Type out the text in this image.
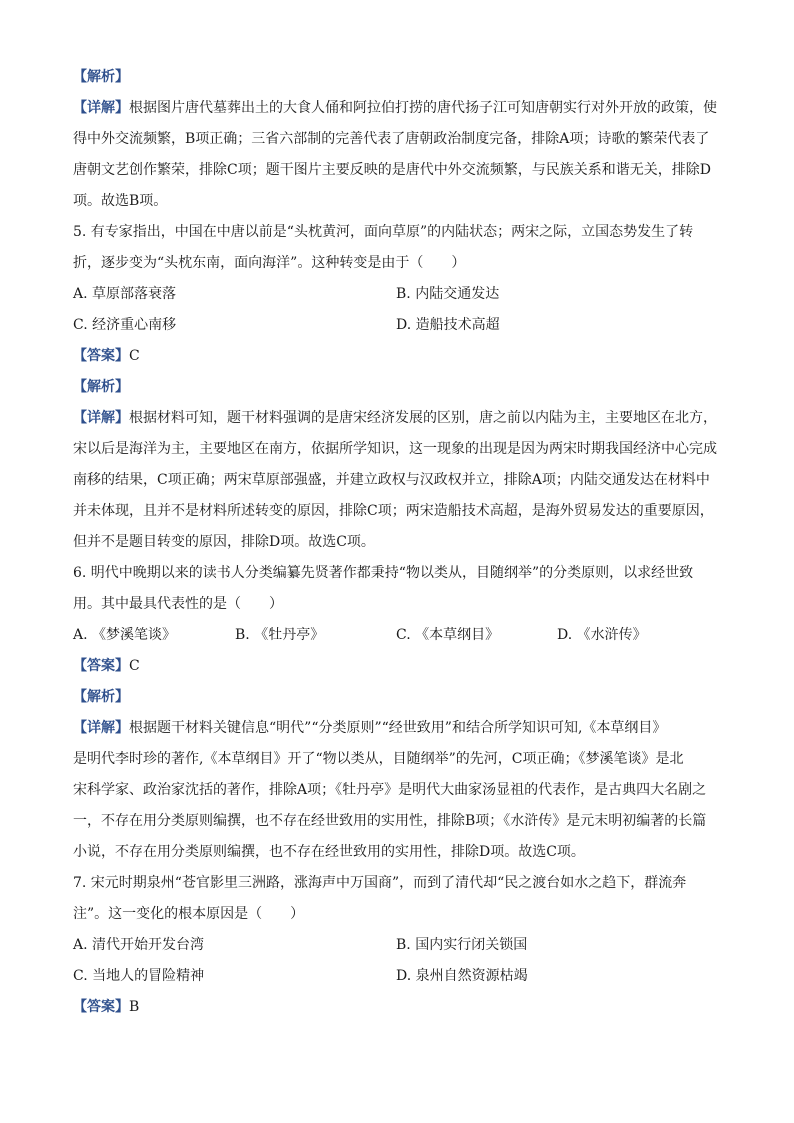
【解析】
【详解】根据图片唐代墓葬出土的大食人俑和阿拉伯打捞的唐代扬子江可知唐朝实行对外开放的政策，使
得中外交流频繁，B项正确；三省六部制的完善代表了唐朝政治制度完备，排除A项；诗歌的繁荣代表了
唐朝文艺创作繁荣，排除C项；题干图片主要反映的是唐代中外交流频繁，与民族关系和谐无关，排除D
项。故选B项。
5. 有专家指出，中国在中唐以前是“头枕黄河，面向草原”的内陆状态；两宋之际，立国态势发生了转
折，逐步变为“头枕东南，面向海洋”。这种转变是由于（　　）
A. 草原部落衰落	B. 内陆交通发达
C. 经济重心南移	D. 造船技术高超
【答案】C
【解析】
【详解】根据材料可知，题干材料强调的是唐宋经济发展的区别，唐之前以内陆为主，主要地区在北方，
宋以后是海洋为主，主要地区在南方，依据所学知识，这一现象的出现是因为两宋时期我国经济中心完成
南移的结果，C项正确；两宋草原部强盛，并建立政权与汉政权并立，排除A项；内陆交通发达在材料中
并未体现，且并不是材料所述转变的原因，排除C项；两宋造船技术高超，是海外贸易发达的重要原因，
但并不是题目转变的原因，排除D项。故选C项。
6. 明代中晚期以来的读书人分类编纂先贤著作都秉持“物以类从，目随纲举”的分类原则，以求经世致
用。其中最具代表性的是（　　）
A. 《梦溪笔谈》	B. 《牡丹亭》	C. 《本草纲目》	D. 《水浒传》
【答案】C
【解析】
【详解】根据题干材料关键信息“明代”“分类原则”“经世致用”和结合所学知识可知,《本草纲目》
是明代李时珍的著作,《本草纲目》开了“物以类从，目随纲举”的先河，C项正确；《梦溪笔谈》是北
宋科学家、政治家沈括的著作，排除A项；《牡丹亭》是明代大曲家汤显祖的代表作，是古典四大名剧之
一，不存在用分类原则编撰，也不存在经世致用的实用性，排除B项；《水浒传》是元末明初编著的长篇
小说，不存在用分类原则编撰，也不存在经世致用的实用性，排除D项。故选C项。
7. 宋元时期泉州“苍官影里三洲路，涨海声中万国商”，而到了清代却“民之渡台如水之趋下，群流奔
注”。这一变化的根本原因是（　　）
A. 清代开始开发台湾	B. 国内实行闭关锁国
C. 当地人的冒险精神	D. 泉州自然资源枯竭
【答案】B
